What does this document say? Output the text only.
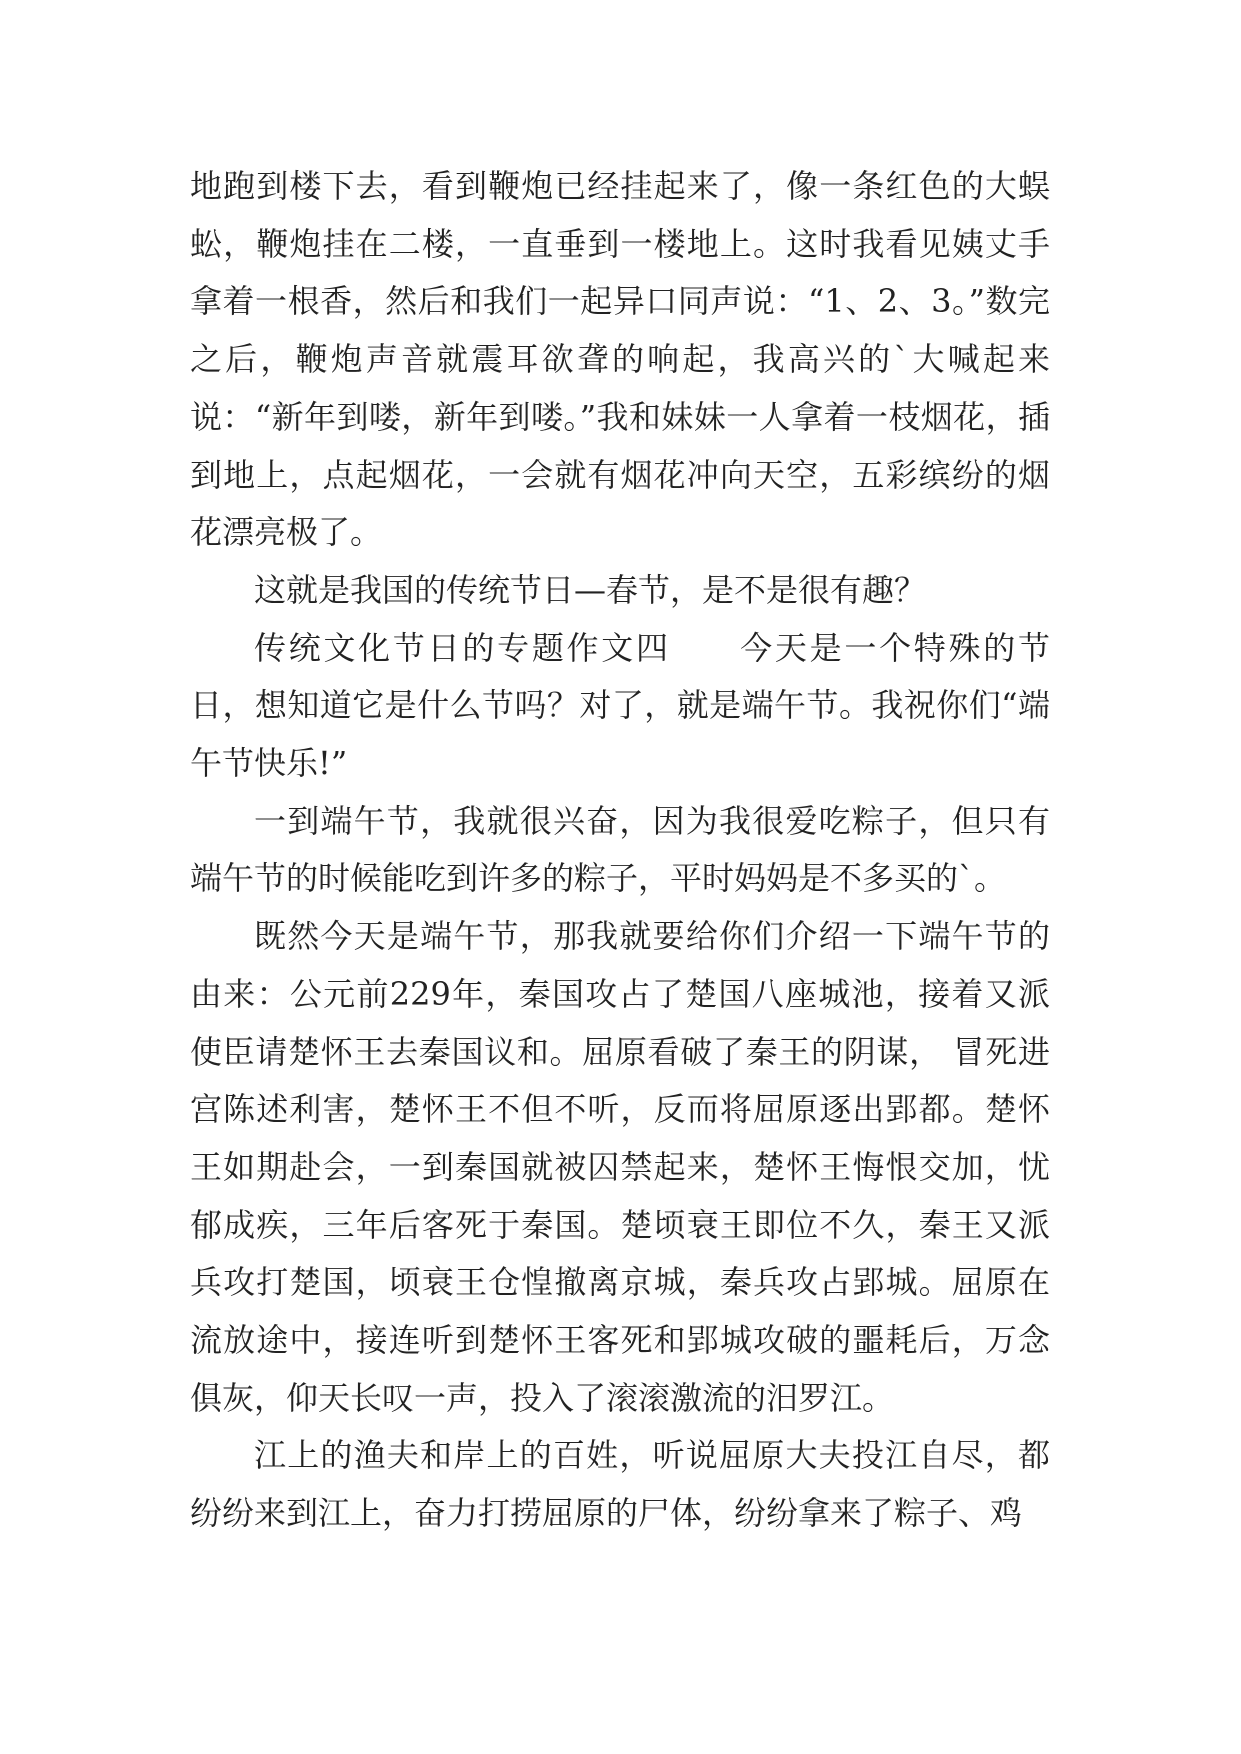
地跑到楼下去，看到鞭炮已经挂起来了，像一条红色的大蜈蚣，鞭炮挂在二楼，一直垂到一楼地上。这时我看见姨丈手拿着一根香，然后和我们一起异口同声说：“1、2、3。”数完之后，鞭炮声音就震耳欲聋的响起，我高兴的`大喊起来说：“新年到喽，新年到喽。”我和妹妹一人拿着一枝烟花，插到地上，点起烟花，一会就有烟花冲向天空，五彩缤纷的烟花漂亮极了。

这就是我国的传统节日—春节，是不是很有趣？

传统文化节日的专题作文四　　今天是一个特殊的节日，想知道它是什么节吗？对了，就是端午节。我祝你们“端午节快乐!”

一到端午节，我就很兴奋，因为我很爱吃粽子，但只有端午节的时候能吃到许多的粽子，平时妈妈是不多买的`。

既然今天是端午节，那我就要给你们介绍一下端午节的由来：公元前229年，秦国攻占了楚国八座城池，接着又派使臣请楚怀王去秦国议和。屈原看破了秦王的阴谋， 冒死进宫陈述利害，楚怀王不但不听，反而将屈原逐出郢都。楚怀王如期赴会，一到秦国就被囚禁起来，楚怀王悔恨交加，忧郁成疾，三年后客死于秦国。楚顷衰王即位不久，秦王又派兵攻打楚国，顷衰王仓惶撤离京城，秦兵攻占郢城。屈原在流放途中，接连听到楚怀王客死和郢城攻破的噩耗后，万念俱灰，仰天长叹一声，投入了滚滚激流的汨罗江。

江上的渔夫和岸上的百姓，听说屈原大夫投江自尽，都纷纷来到江上，奋力打捞屈原的尸体，纷纷拿来了粽子、鸡
